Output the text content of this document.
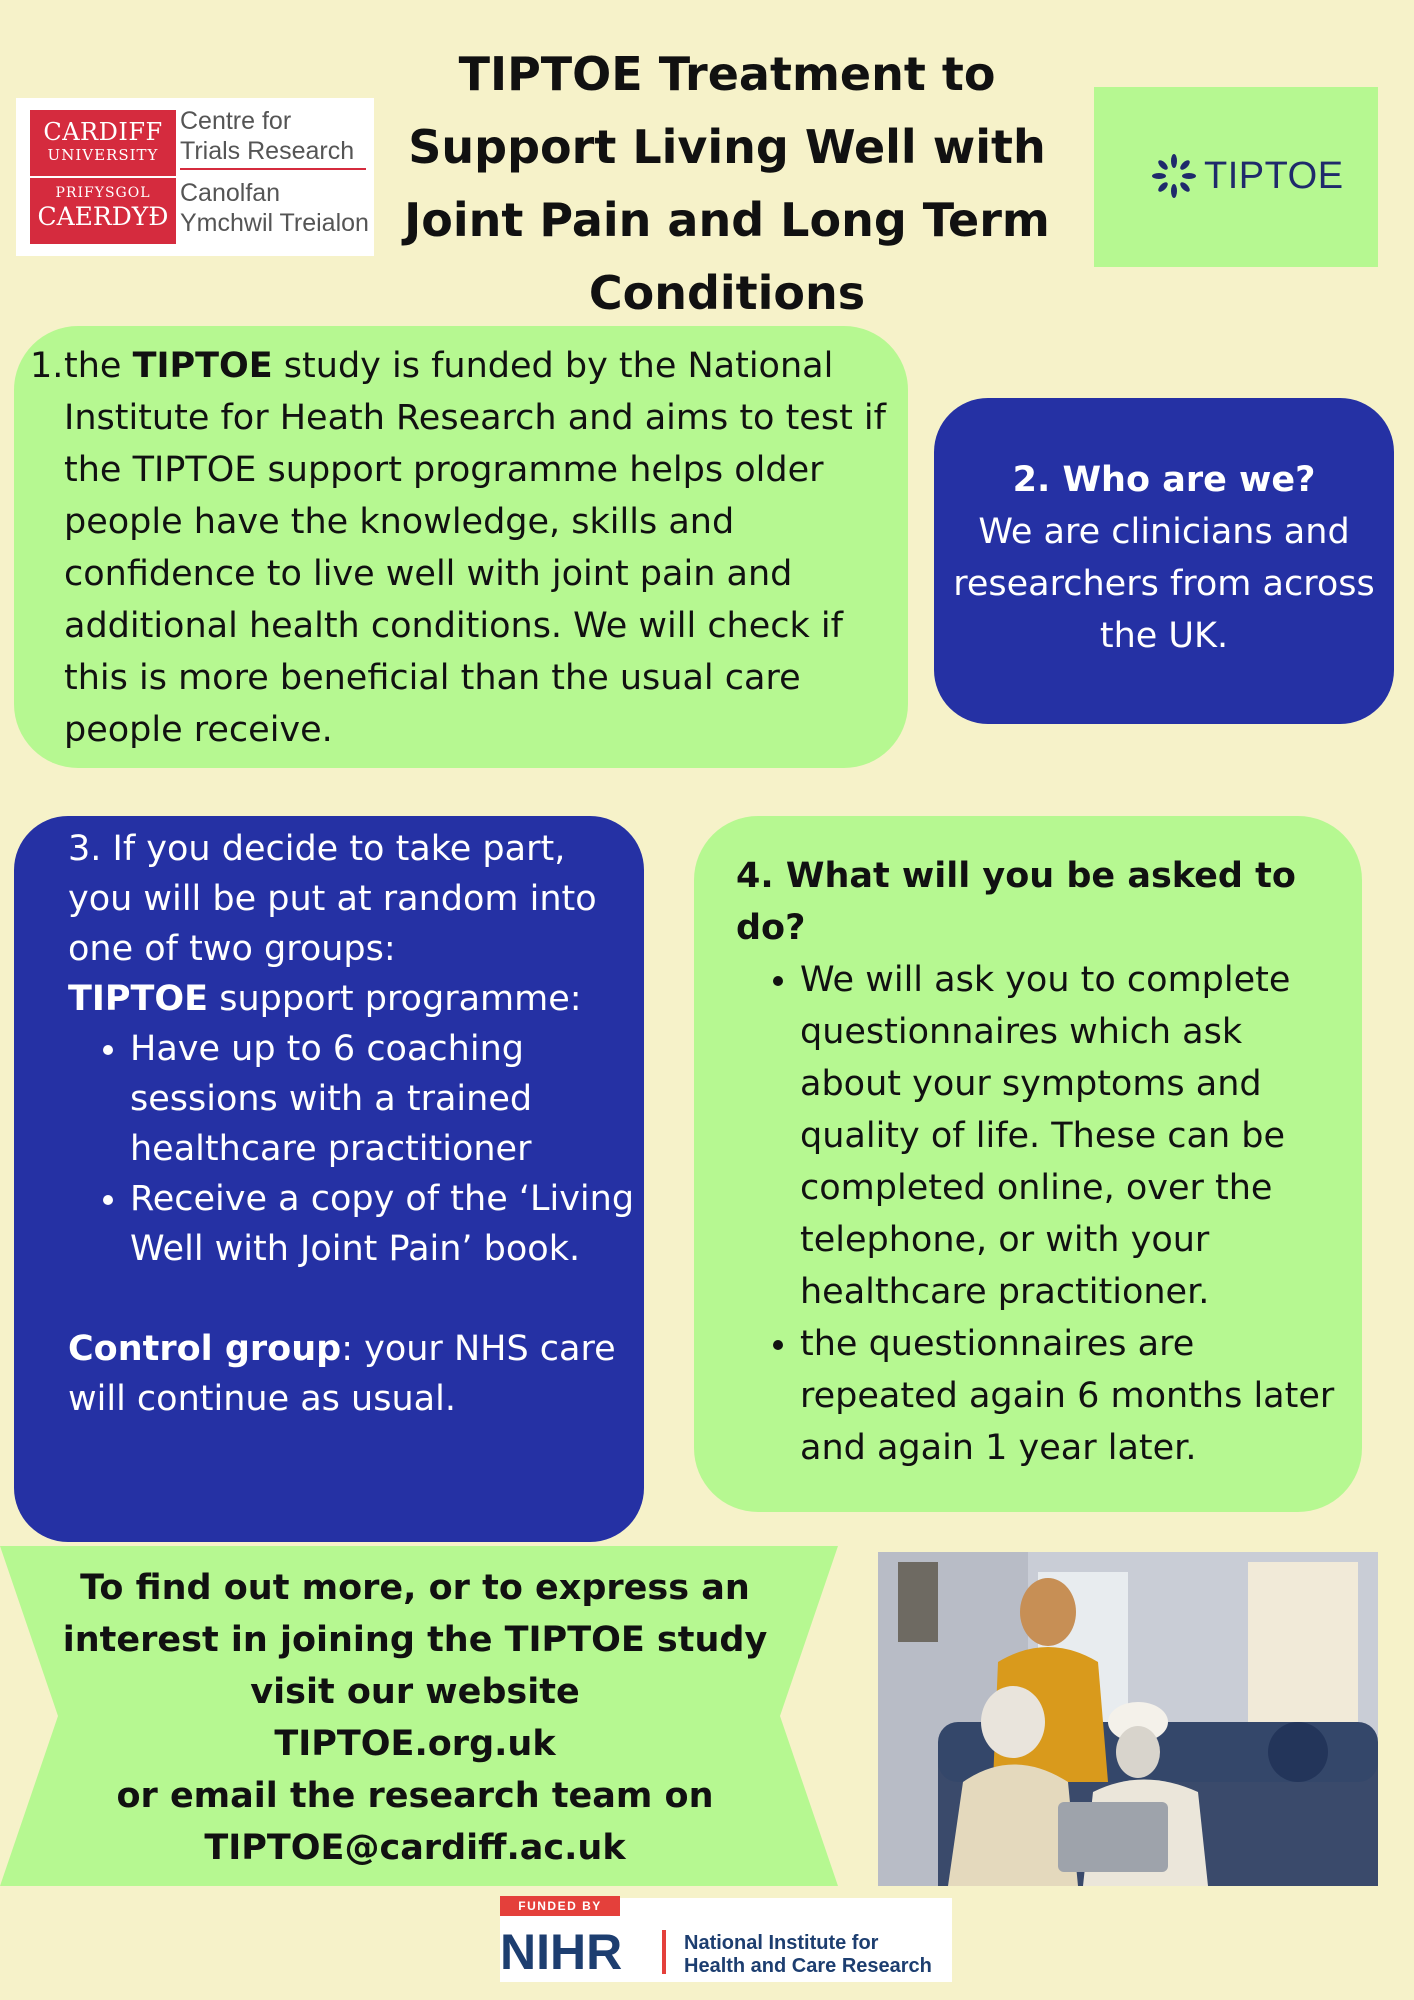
CARDIFF
UNIVERSITY
PRIFYSGOL
CAERDYÐ
Centre for
Trials Research
Canolfan
Ymchwil Treialon
TIPTOE Treatment to Support Living Well with Joint Pain and Long Term Conditions
TIPTOE
1. the TIPTOE study is funded by the National Institute for Heath Research and aims to test if the TIPTOE support programme helps older people have the knowledge, skills and confidence to live well with joint pain and additional health conditions. We will check if this is more beneficial than the usual care people receive.
2. Who are we?
We are clinicians and researchers from across the UK.
3. If you decide to take part, you will be put at random into one of two groups:
TIPTOE support programme:
• Have up to 6 coaching sessions with a trained healthcare practitioner
• Receive a copy of the ‘Living Well with Joint Pain’ book.
Control group: your NHS care will continue as usual.
4. What will you be asked to do?
• We will ask you to complete questionnaires which ask about your symptoms and quality of life. These can be completed online, over the telephone, or with your healthcare practitioner.
• the questionnaires are repeated again 6 months later and again 1 year later.
To find out more, or to express an interest in joining the TIPTOE study visit our website
TIPTOE.org.uk
or email the research team on
TIPTOE@cardiff.ac.uk
FUNDED BY
NIHR	National Institute for
Health and Care Research
